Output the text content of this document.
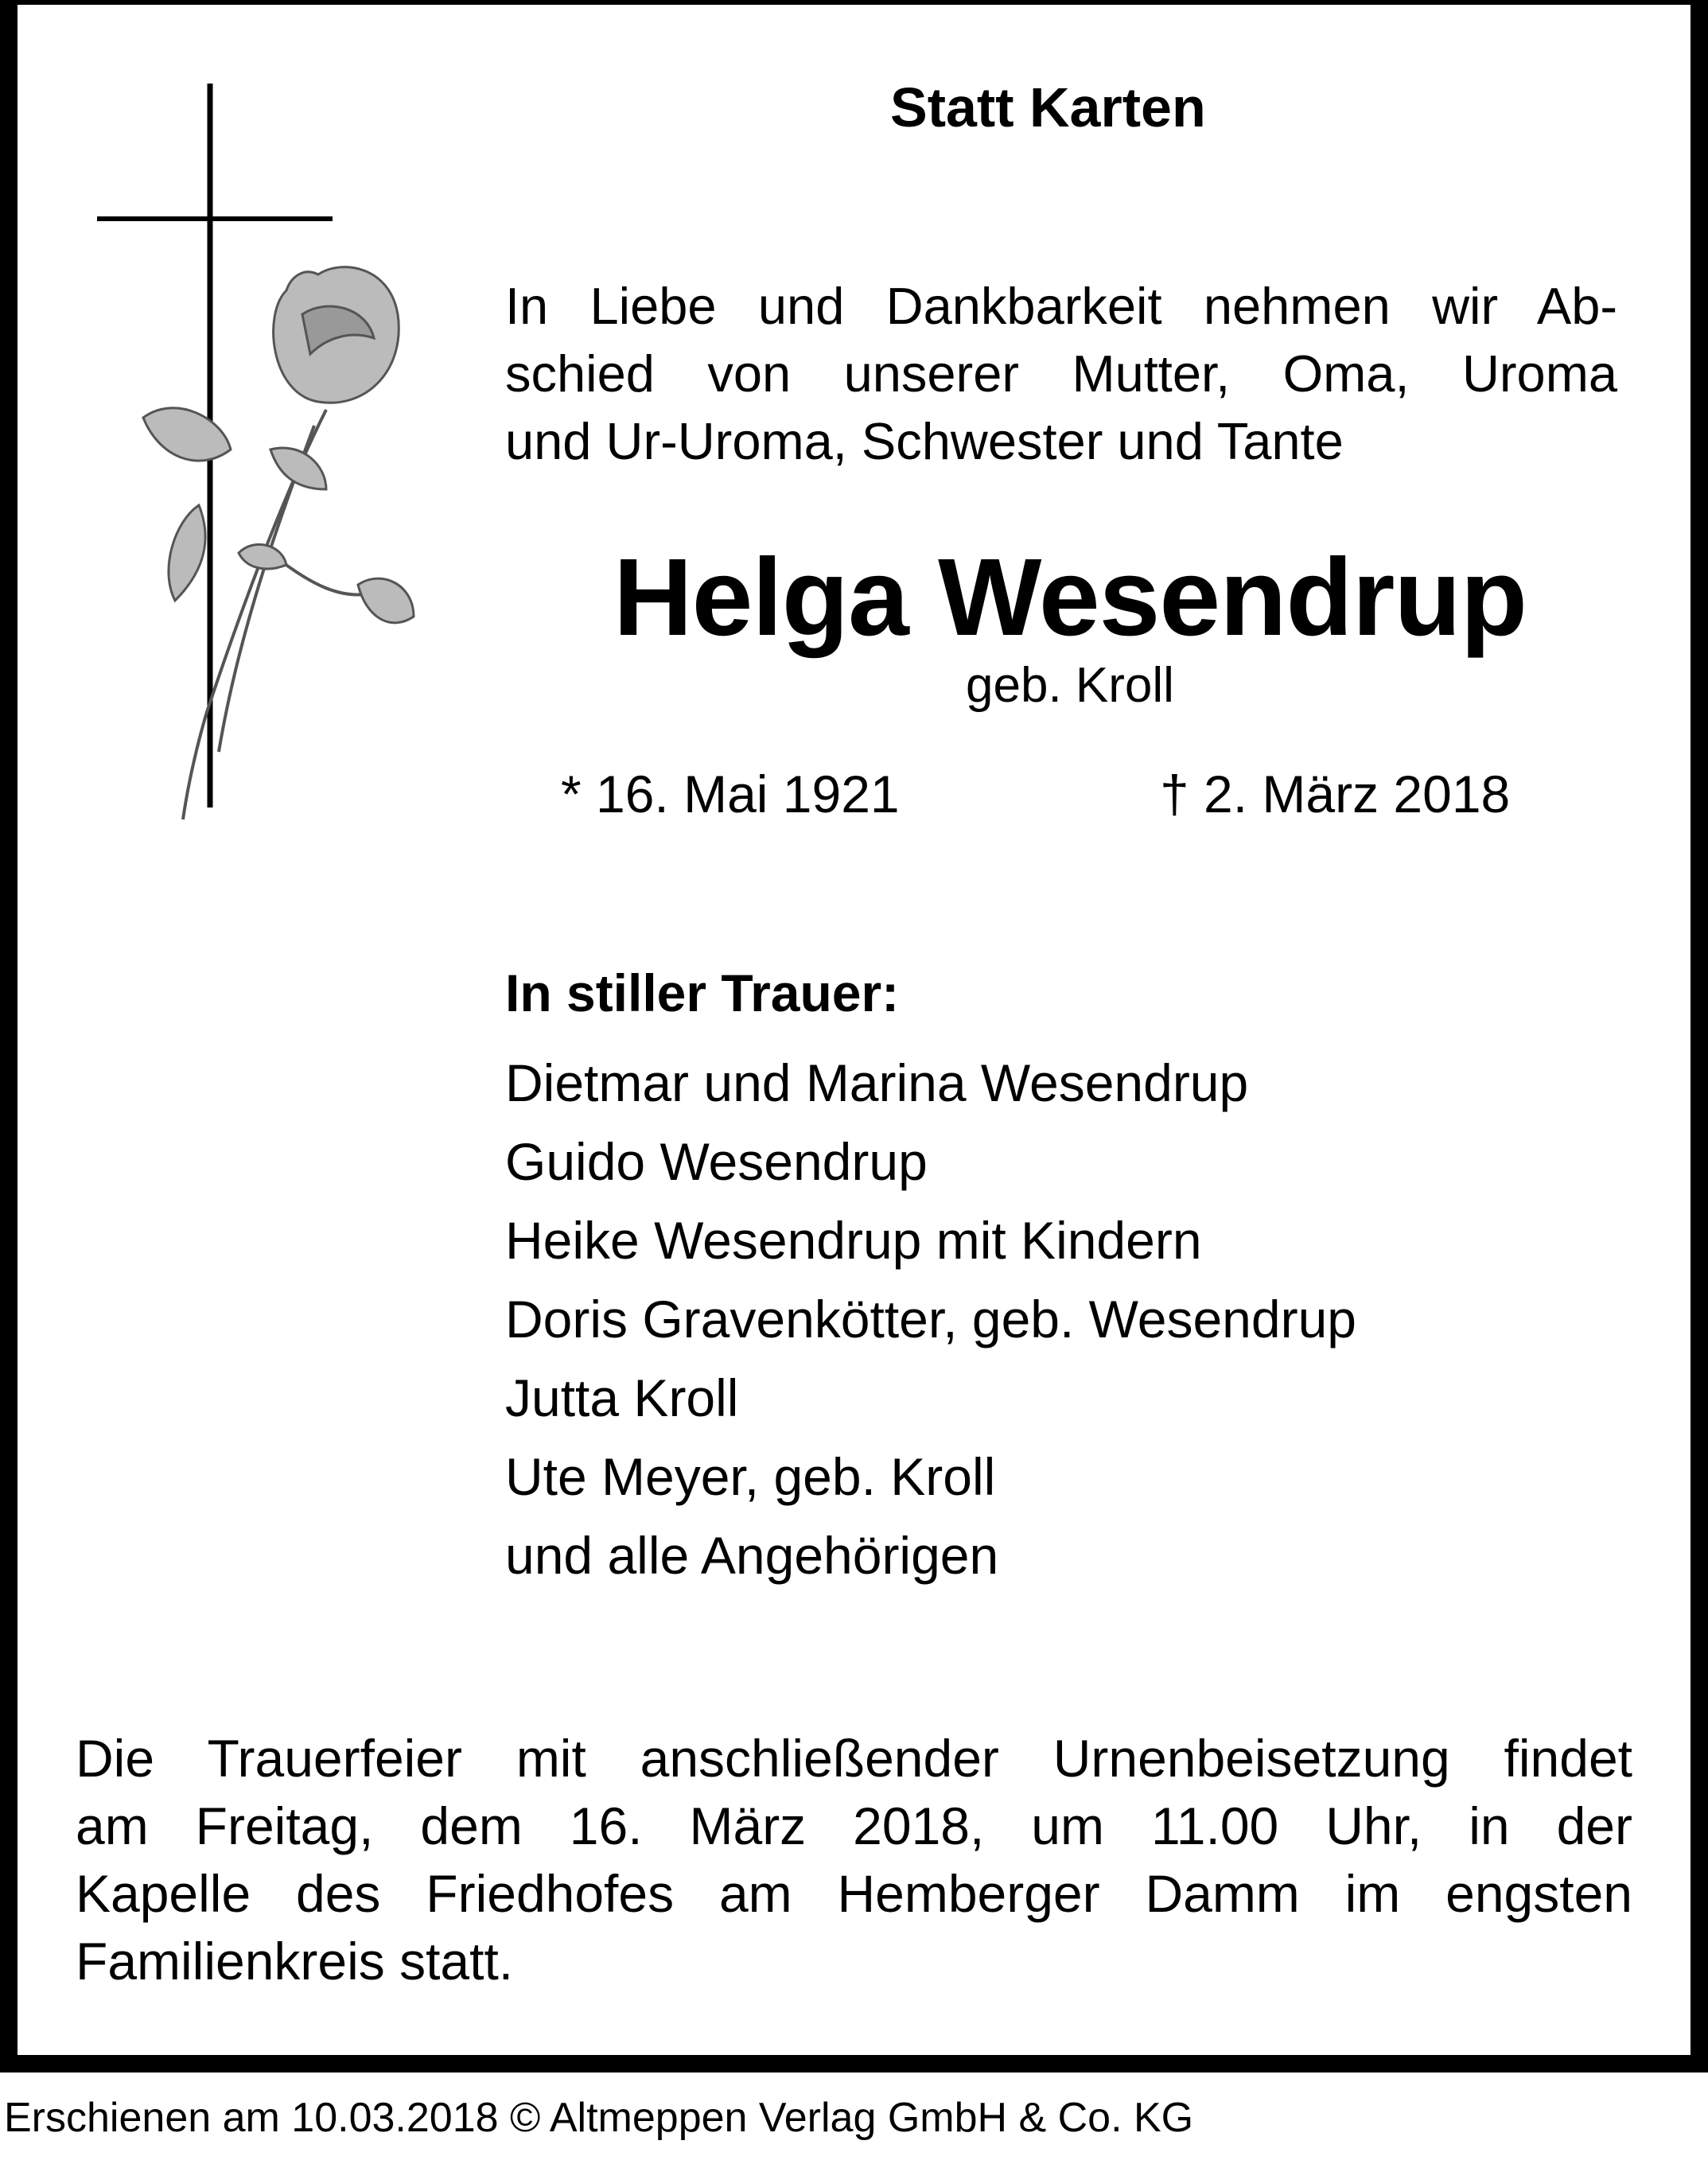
Statt Karten

In Liebe und Dankbarkeit nehmen wir Ab-
schied von unserer Mutter, Oma, Uroma
und Ur-Uroma, Schwester und Tante
Helga Wesendrup

geb. Kroll

* 16. Mai 1921	† 2. März 2018

In stiller Trauer:

Dietmar und Marina Wesendrup
Guido Wesendrup
Heike Wesendrup mit Kindern
Doris Gravenkötter, geb. Wesendrup
Jutta Kroll
Ute Meyer, geb. Kroll
und alle Angehörigen
Die Trauerfeier mit anschließender Urnenbeisetzung findet
am Freitag, dem 16. März 2018, um 11.00 Uhr, in der
Kapelle des Friedhofes am Hemberger Damm im engsten
Familienkreis statt.

Erschienen am 10.03.2018 © Altmeppen Verlag GmbH & Co. KG
